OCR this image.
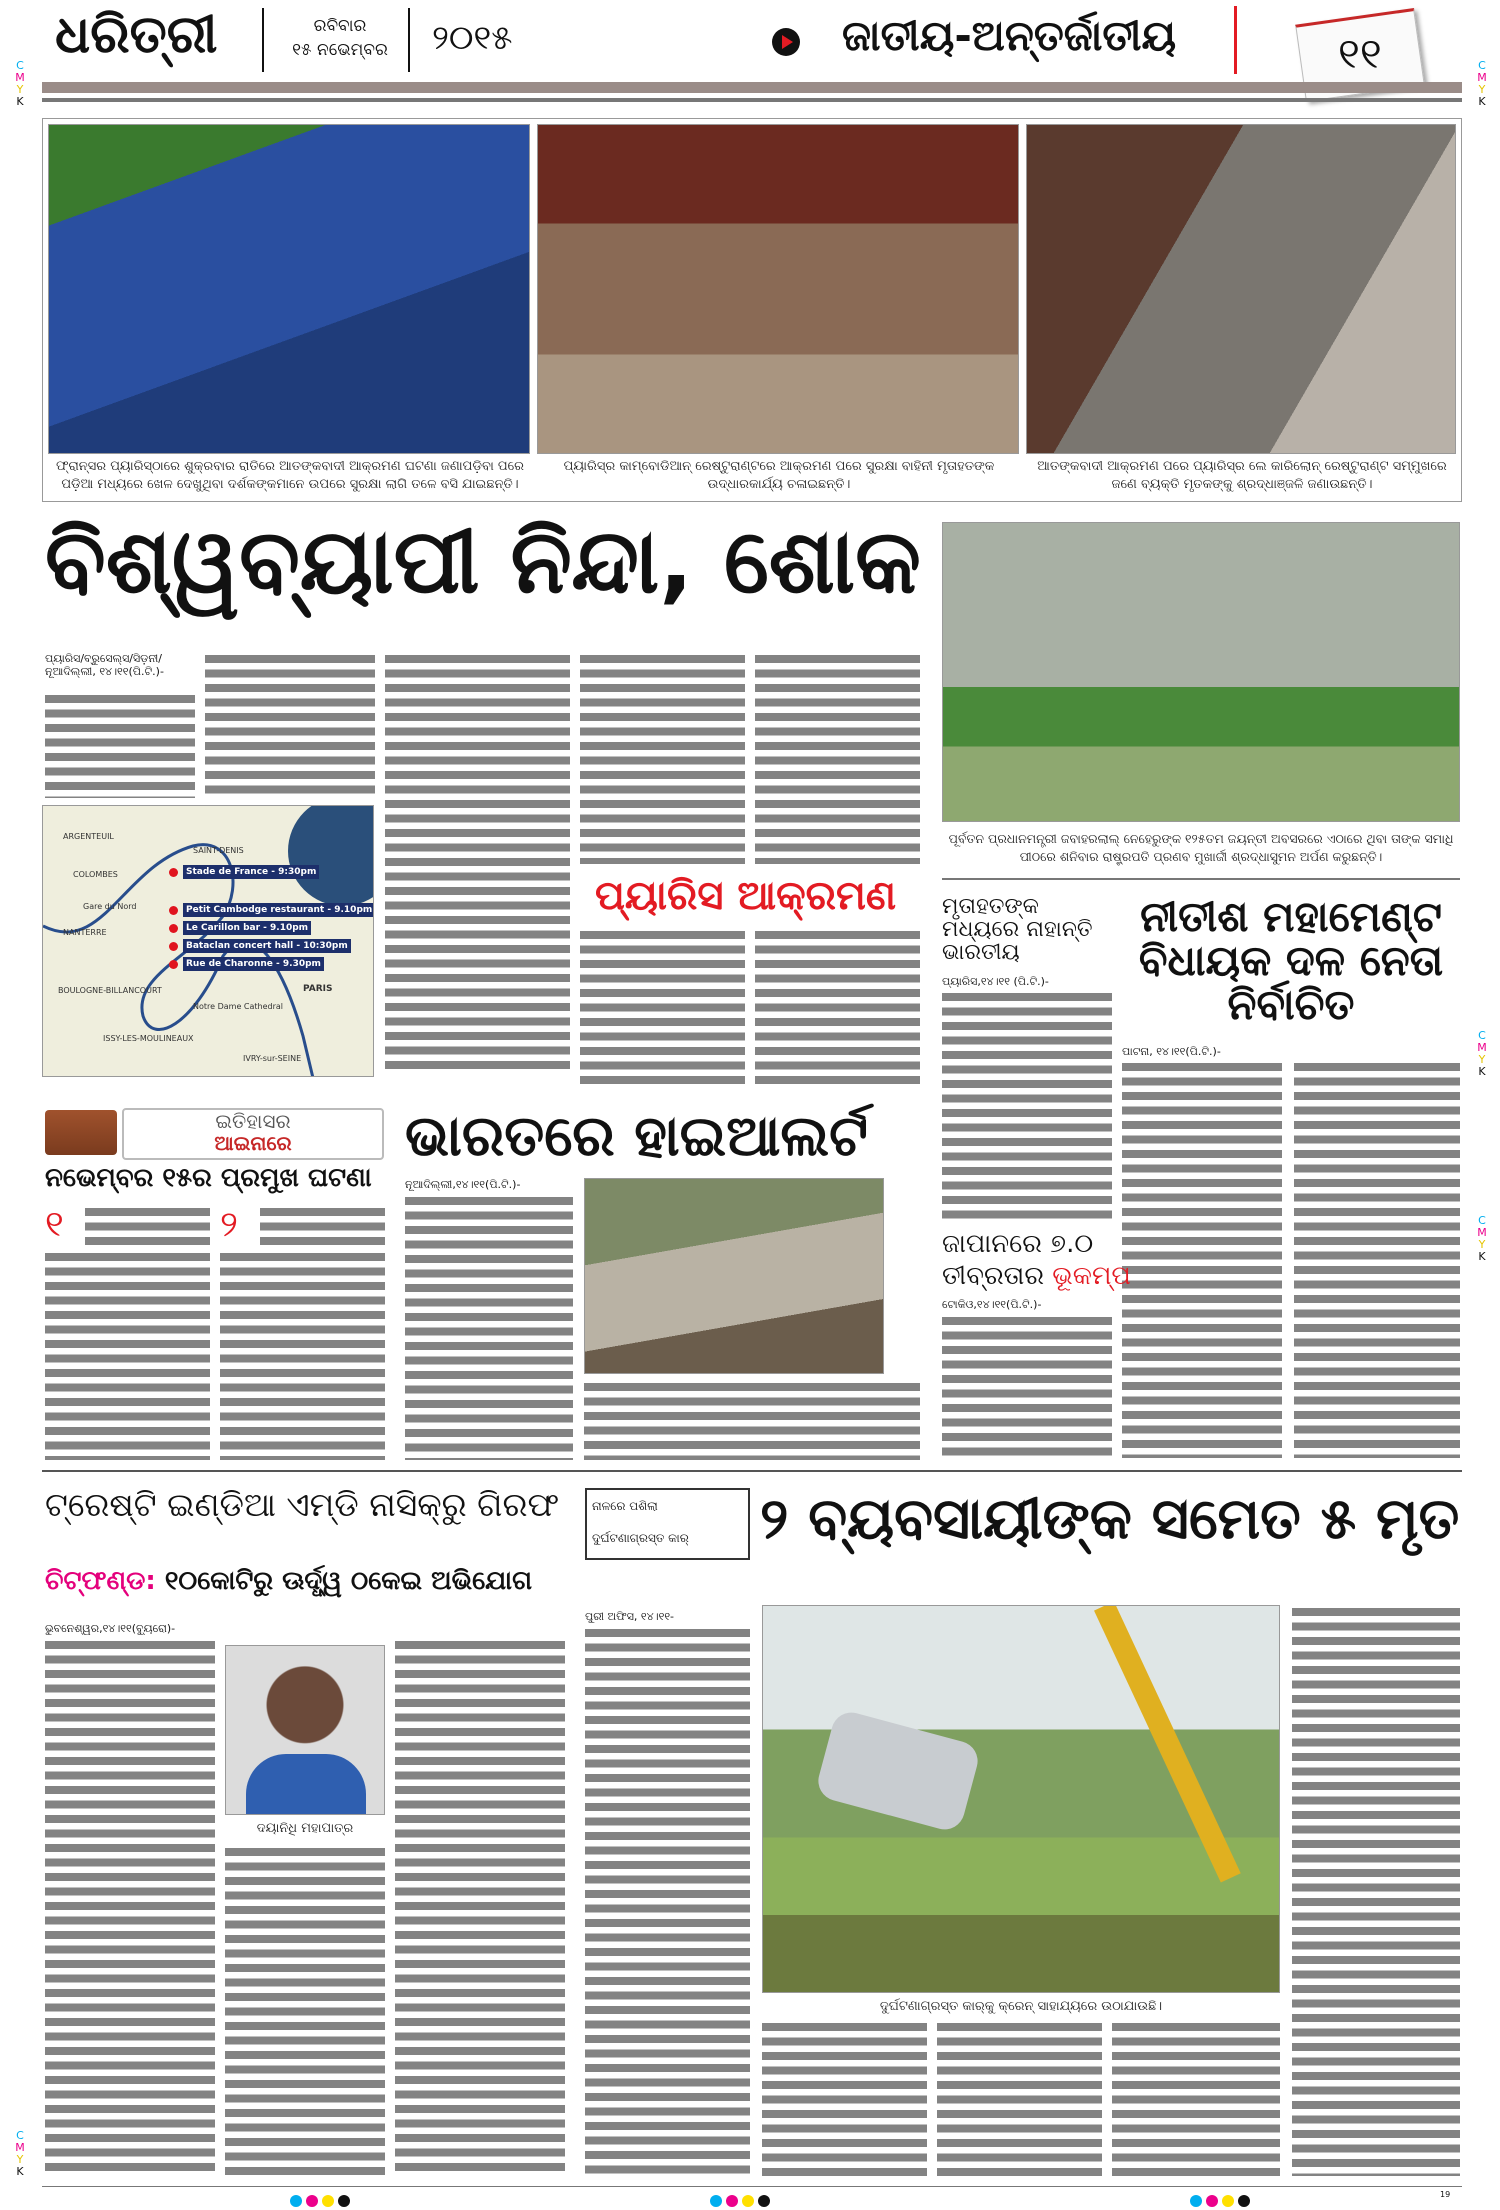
C
M
Y
K
C
M
Y
K
C
M
Y
K
C
M
Y
K
C
M
Y
K
ଧରିତ୍ରୀ	ରବିବାର
୧୫ ନଭେମ୍ବର	୨୦୧୫	ଜାତୀୟ-ଅନ୍ତର୍ଜାତୀୟ	୧୧
ଫ୍ରାନ୍ସର ପ୍ୟାରିସ୍‌ଠାରେ ଶୁକ୍ରବାର ରାତିରେ ଆତଙ୍କବାଦୀ ଆକ୍ରମଣ ଘଟଣା ଜଣାପଡ଼ିବା ପରେ ପଡ଼ିଆ ମଧ୍ୟରେ ଖେଳ ଦେଖୁଥିବା ଦର୍ଶକଙ୍କମାନେ ଉପରେ ସୁରକ୍ଷା ଲାଗି ତଳେ ବସି ଯାଇଛନ୍ତି।
ପ୍ୟାରିସ୍‌ର କାମ୍ବୋଡିଆନ୍ ରେଷ୍ଟୁରାଣ୍ଟରେ ଆକ୍ରମଣ ପରେ ସୁରକ୍ଷା ବାହିନୀ ମୃତାହତଙ୍କ ଉଦ୍ଧାରକାର୍ଯ୍ୟ ଚଳାଇଛନ୍ତି।
ଆତଙ୍କବାଦୀ ଆକ୍ରମଣ ପରେ ପ୍ୟାରିସ୍‌ର ଲେ କାରିଲୋନ୍ ରେଷ୍ଟୁରାଣ୍ଟ ସମ୍ମୁଖରେ ଜଣେ ବ୍ୟକ୍ତି ମୃତକଙ୍କୁ ଶ୍ରଦ୍ଧାଞ୍ଜଳି ଜଣାଉଛନ୍ତି।
ବିଶ୍ୱବ୍ୟାପୀ ନିନ୍ଦା, ଶୋକ
ପ୍ୟାରିସ/ବ୍ରୁସେଲ୍‌ସ/ସିଡ଼ନୀ/ନୂଆଦିଲ୍ଲୀ, ୧୪।୧୧(ପି.ଟି.)-
ARGENTEUIL
SAINT-DENIS
COLOMBES
NANTERRE
Gare du Nord
PARIS
Notre Dame Cathedral
BOULOGNE-BILLANCOURT
ISSY-LES-MOULINEAUX
IVRY-sur-SEINE
Stade de France - 9:30pm
Petit Cambodge restaurant - 9.10pm
Le Carillon bar - 9.10pm
Bataclan concert hall - 10:30pm
Rue de Charonne - 9.30pm
ପ୍ୟାରିସ ଆକ୍ରମଣ
ପୂର୍ବତନ ପ୍ରଧାନମନ୍ତ୍ରୀ ଜବାହରଲାଲ୍ ନେହେରୁଙ୍କ ୧୨୫ତମ ଜୟନ୍ତୀ ଅବସରରେ ଏଠାରେ ଥିବା ତାଙ୍କ ସମାଧି ପୀଠରେ ଶନିବାର ରାଷ୍ଟ୍ରପତି ପ୍ରଣବ ମୁଖାର୍ଜୀ ଶ୍ରଦ୍ଧାସୁମନ ଅର୍ପଣ କରୁଛନ୍ତି।
ମୃତାହତଙ୍କ ମଧ୍ୟରେ ନାହାନ୍ତି ଭାରତୀୟ
ପ୍ୟାରିସ,୧୪।୧୧ (ପି.ଟି.)-
ନୀତୀଶ ମହାମେଣ୍ଟ ବିଧାୟକ ଦଳ ନେତା ନିର୍ବାଚିତ
ପାଟନା, ୧୪।୧୧(ପି.ଟି.)-
ଇତିହାସର
ଆଇନାରେ
ନଭେମ୍ବର ୧୫ର ପ୍ରମୁଖ ଘଟଣା
୧	୨
ଭାରତରେ ହାଇଆଲର୍ଟ
ନୂଆଦିଲ୍ଲୀ,୧୪।୧୧(ପି.ଟି.)-
ଜାପାନରେ ୭.୦
ତୀବ୍ରତାର ଭୂକମ୍ପ
ଟୋକିଓ,୧୪।୧୧(ପି.ଟି.)-
ଟ୍ରେଷ୍ଟି ଇଣ୍ଡିଆ ଏମ୍‌ଡି ନାସିକ୍‌ରୁ ଗିରଫ
ଚିଟ୍‌ଫଣ୍ଡ: ୧୦କୋଟିରୁ ଊର୍ଦ୍ଧ୍ୱ ଠକେଇ ଅଭିଯୋଗ
ଭୁବନେଶ୍ୱର,୧୪।୧୧(ବ୍ୟୁରୋ)-
ଦୟାନିଧି ମହାପାତ୍ର
ନାଳରେ ପଶିଲା
ଦୁର୍ଘଟଣାଗ୍ରସ୍ତ କାର୍	୨ ବ୍ୟବସାୟୀଙ୍କ ସମେତ ୫ ମୃତ
ପୁରୀ ଅଫିସ, ୧୪।୧୧-
ଦୁର୍ଘଟଣାଗ୍ରସ୍ତ କାର୍‌କୁ କ୍ରେନ୍ ସାହାଯ୍ୟରେ ଉଠାଯାଉଛି।
19
